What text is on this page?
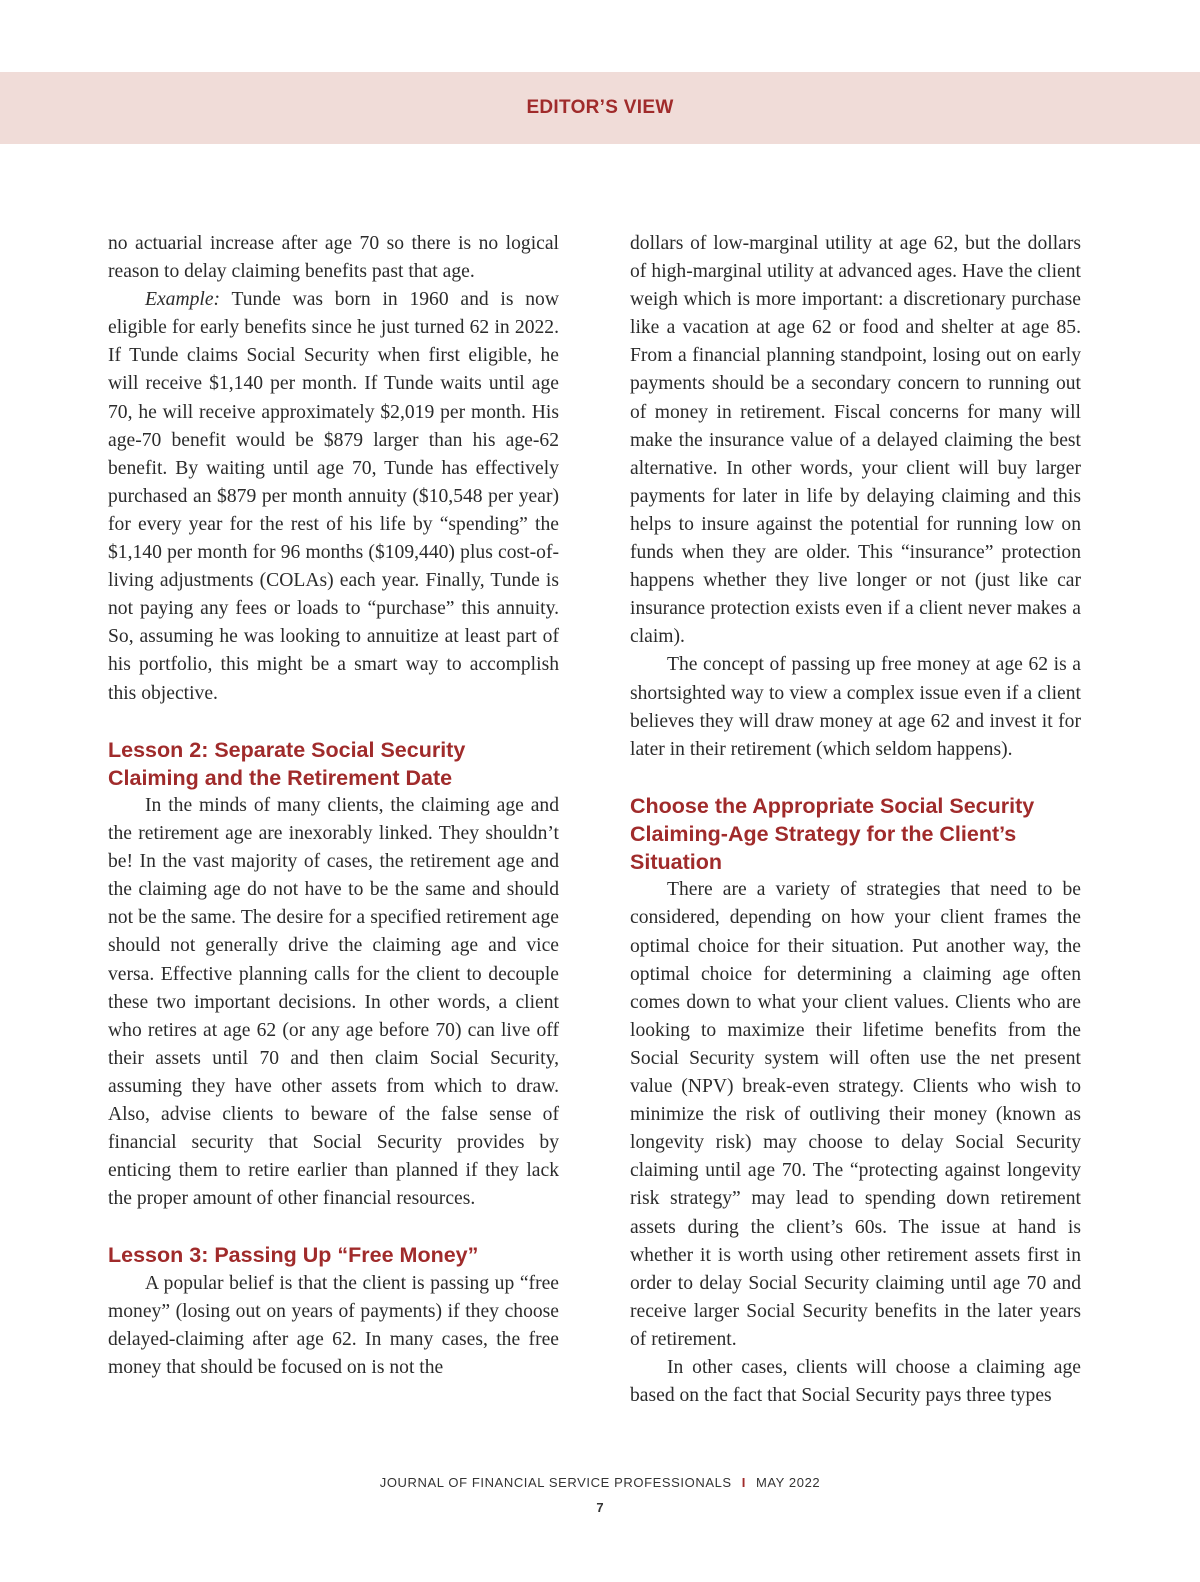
EDITOR’S VIEW

no actuarial increase after age 70 so there is no logical reason to delay claiming benefits past that age.

Example: Tunde was born in 1960 and is now eligible for early benefits since he just turned 62 in 2022. If Tunde claims Social Security when first eligible, he will receive $1,140 per month. If Tunde waits until age 70, he will receive approximately $2,019 per month. His age-70 benefit would be $879 larger than his age-62 benefit. By waiting until age 70, Tunde has effectively purchased an $879 per month annuity ($10,548 per year) for every year for the rest of his life by “spending” the $1,140 per month for 96 months ($109,440) plus cost-of-living adjustments (COLAs) each year. Finally, Tunde is not paying any fees or loads to “purchase” this annuity. So, assuming he was looking to annuitize at least part of his portfolio, this might be a smart way to accomplish this objective.

Lesson 2: Separate Social Security Claiming and the Retirement Date

In the minds of many clients, the claiming age and the retirement age are inexorably linked. They shouldn’t be! In the vast majority of cases, the retirement age and the claiming age do not have to be the same and should not be the same. The desire for a specified retirement age should not generally drive the claiming age and vice versa. Effective planning calls for the client to decouple these two important decisions. In other words, a client who retires at age 62 (or any age before 70) can live off their assets until 70 and then claim Social Security, assuming they have other assets from which to draw. Also, advise clients to beware of the false sense of financial security that Social Security provides by enticing them to retire earlier than planned if they lack the proper amount of other financial resources.

Lesson 3: Passing Up “Free Money”

A popular belief is that the client is passing up “free money” (losing out on years of payments) if they choose delayed-claiming after age 62. In many cases, the free money that should be focused on is not the

dollars of low-marginal utility at age 62, but the dollars of high-marginal utility at advanced ages. Have the client weigh which is more important: a discretionary purchase like a vacation at age 62 or food and shelter at age 85. From a financial planning standpoint, losing out on early payments should be a secondary concern to running out of money in retirement. Fiscal concerns for many will make the insurance value of a delayed claiming the best alternative. In other words, your client will buy larger payments for later in life by delaying claiming and this helps to insure against the potential for running low on funds when they are older. This “insurance” protection happens whether they live longer or not (just like car insurance protection exists even if a client never makes a claim).

The concept of passing up free money at age 62 is a shortsighted way to view a complex issue even if a client believes they will draw money at age 62 and invest it for later in their retirement (which seldom happens).

Choose the Appropriate Social Security Claiming-Age Strategy for the Client’s Situation

There are a variety of strategies that need to be considered, depending on how your client frames the optimal choice for their situation. Put another way, the optimal choice for determining a claiming age often comes down to what your client values. Clients who are looking to maximize their lifetime benefits from the Social Security system will often use the net present value (NPV) break-even strategy. Clients who wish to minimize the risk of outliving their money (known as longevity risk) may choose to delay Social Security claiming until age 70. The “protecting against longevity risk strategy” may lead to spending down retirement assets during the client’s 60s. The issue at hand is whether it is worth using other retirement assets first in order to delay Social Security claiming until age 70 and receive larger Social Security benefits in the later years of retirement.

In other cases, clients will choose a claiming age based on the fact that Social Security pays three types

JOURNAL OF FINANCIAL SERVICE PROFESSIONALS I MAY 2022
7
